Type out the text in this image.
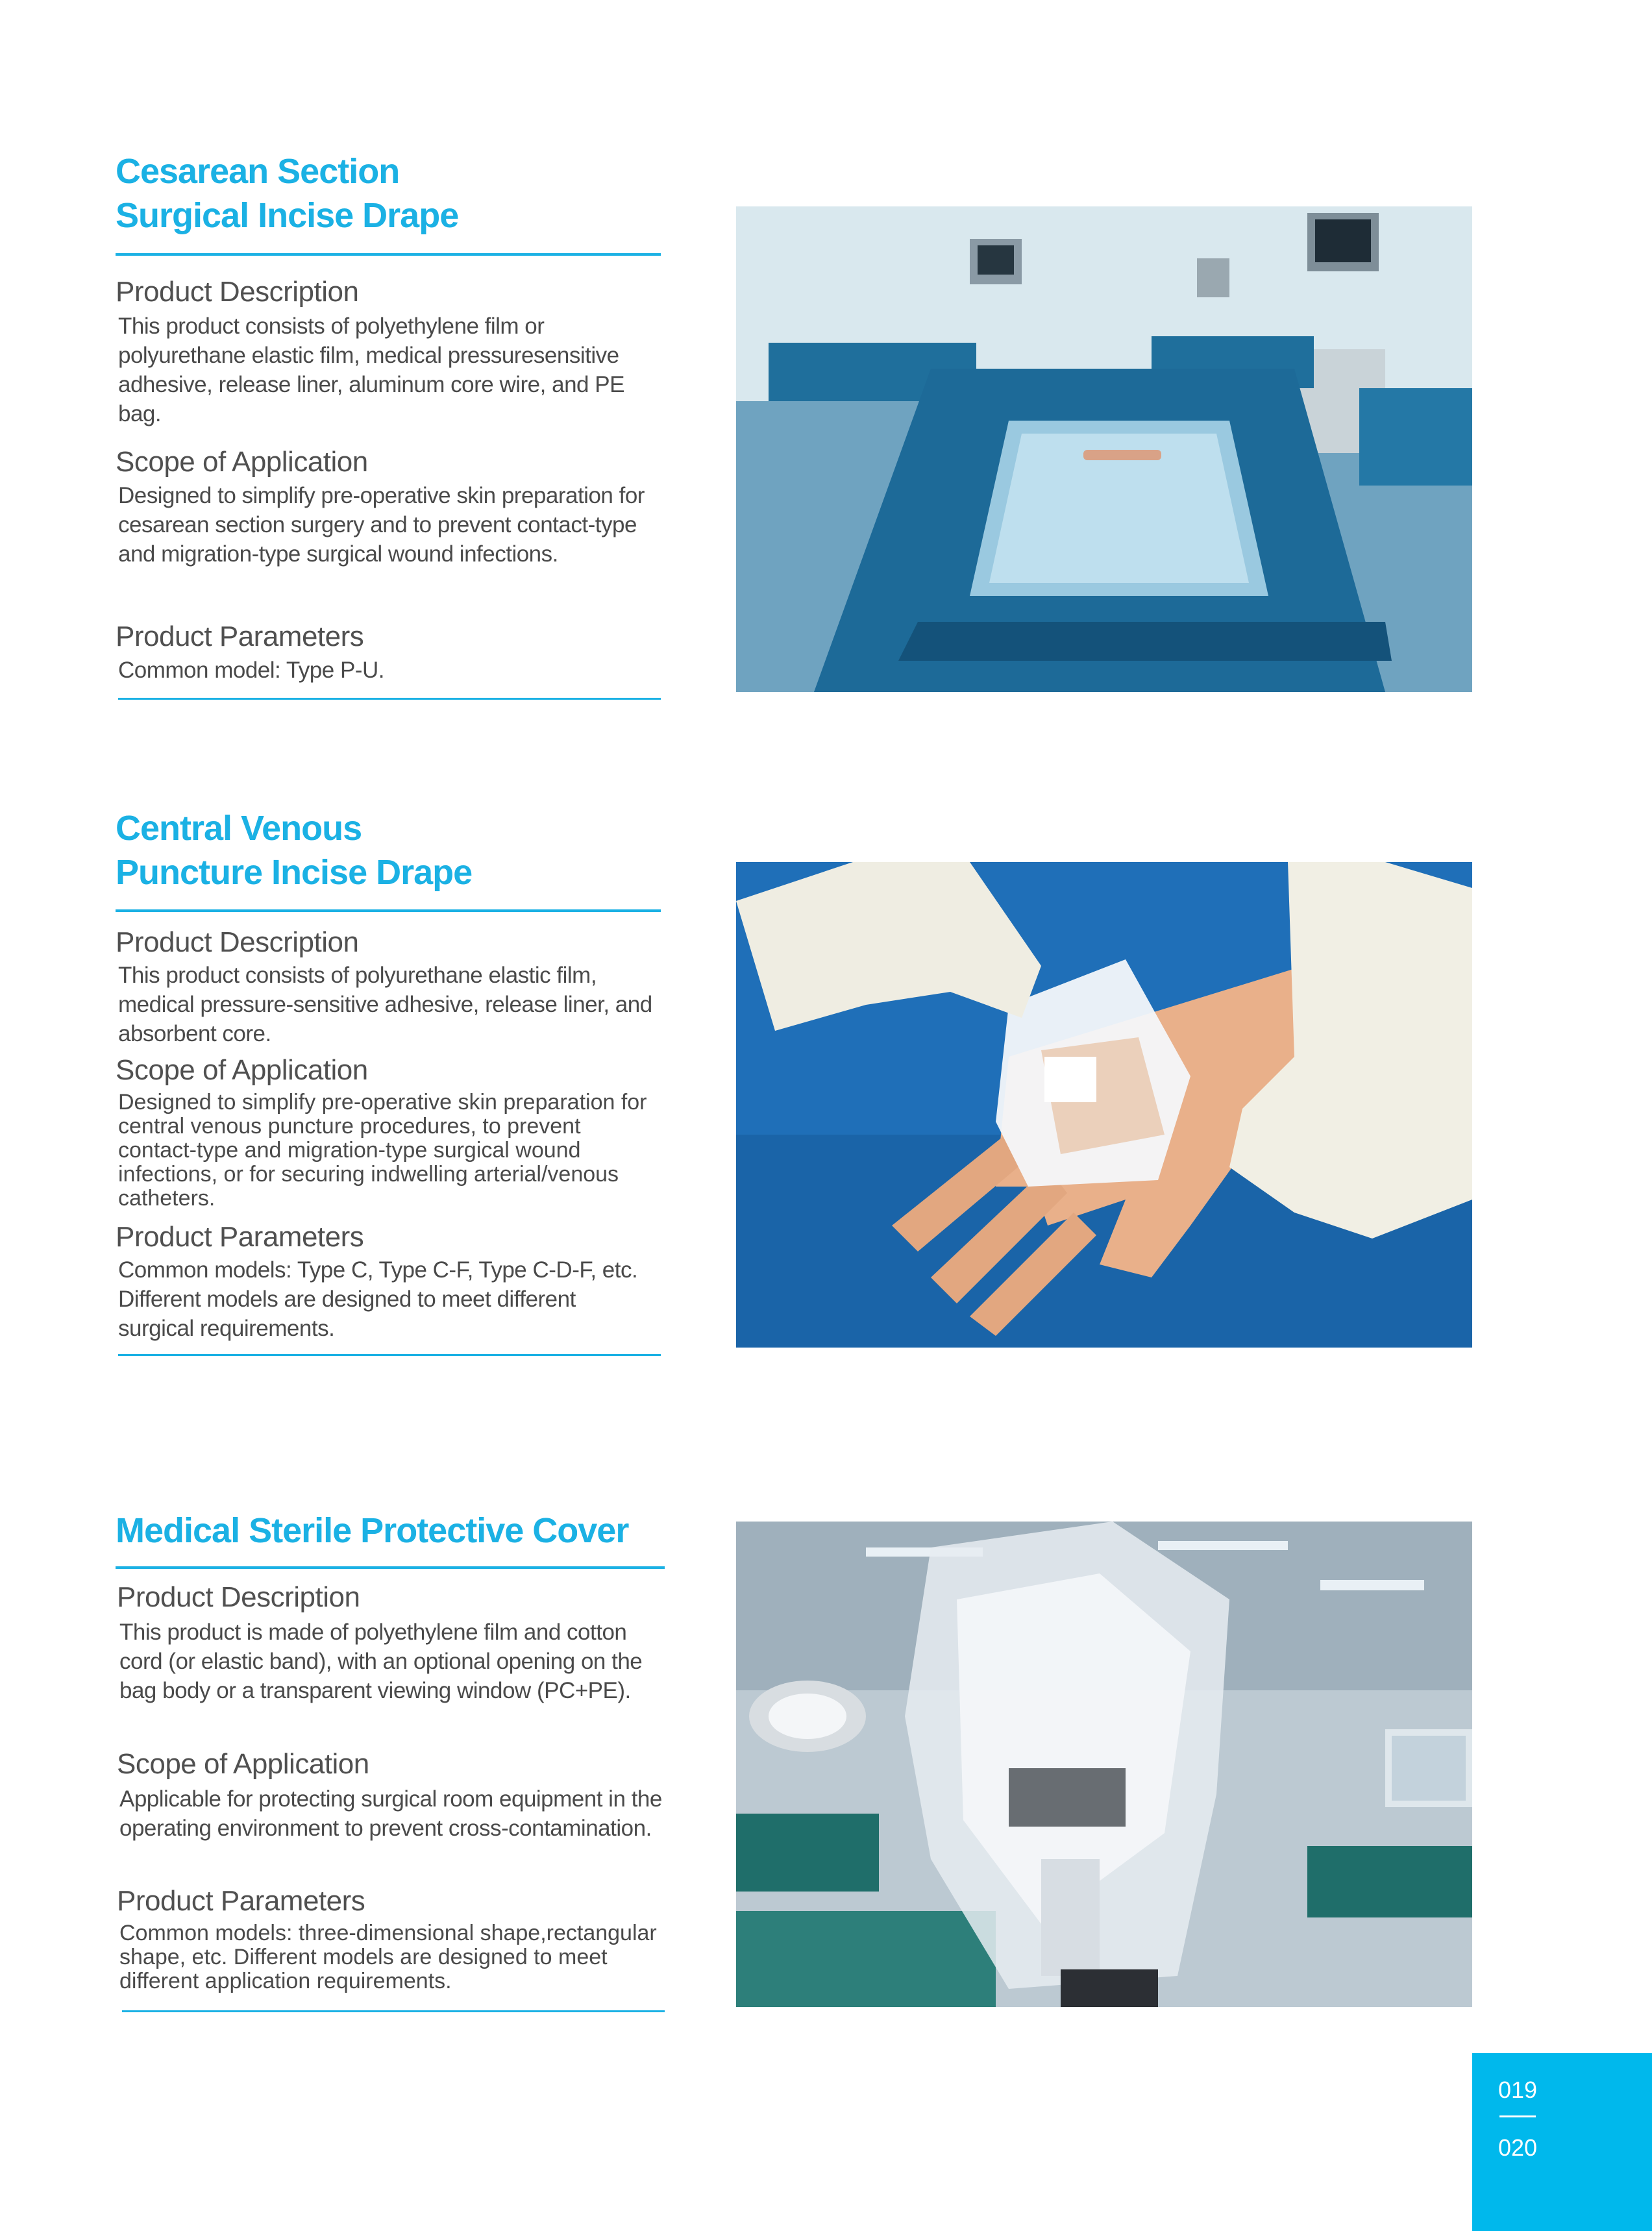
Cesarean Section
Surgical Incise Drape
Product Description

This product consists of polyethylene film or polyurethane elastic film, medical pressuresensitive adhesive, release liner, aluminum core wire, and PE bag.

Scope of Application

Designed to simplify pre-operative skin preparation for cesarean section surgery and to prevent contact-type and migration-type surgical wound infections.

Product Parameters

Common model: Type P-U.

Central Venous
Puncture Incise Drape
Product Description

This product consists of polyurethane elastic film, medical pressure-sensitive adhesive, release liner, and absorbent core.

Scope of Application

Designed to simplify pre-operative skin preparation for central venous puncture procedures, to prevent contact-type and migration-type surgical wound infections, or for securing indwelling arterial/venous catheters.

Product Parameters

Common models: Type C, Type C-F, Type C-D-F, etc. Different models are designed to meet different surgical requirements.

Medical Sterile Protective Cover
Product Description

This product is made of polyethylene film and cotton cord (or elastic band), with an optional opening on the bag body or a transparent viewing window (PC+PE).

Scope of Application

Applicable for protecting surgical room equipment in the operating environment to prevent cross-contamination.

Product Parameters

Common models: three-dimensional shape,rectangular shape, etc. Different models are designed to meet different application requirements.

019
020
